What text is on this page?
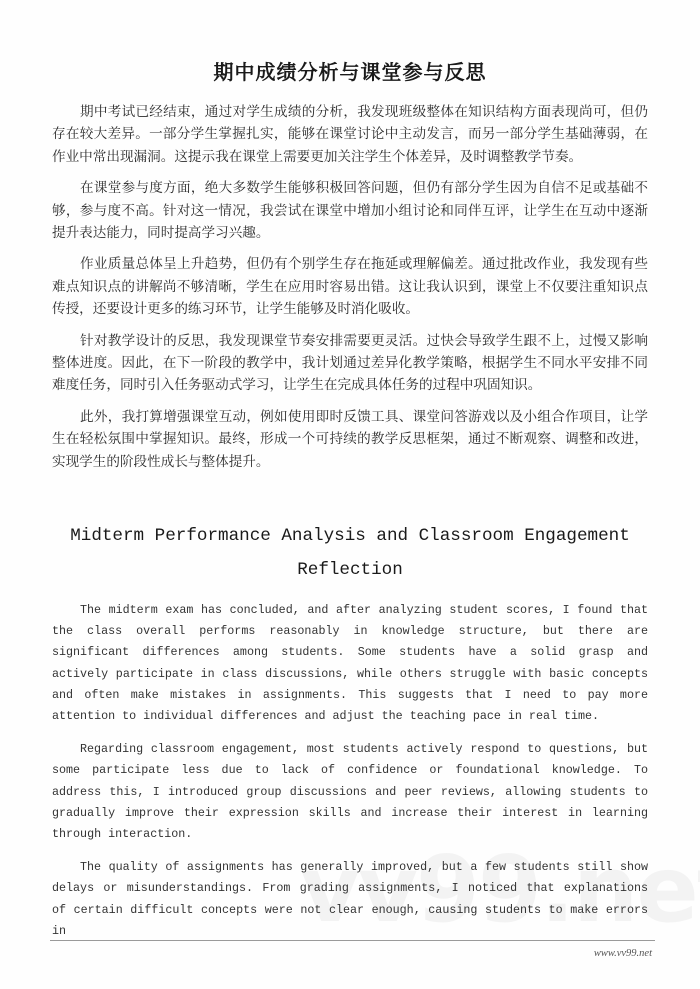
期中成绩分析与课堂参与反思

期中考试已经结束，通过对学生成绩的分析，我发现班级整体在知识结构方面表现尚可，但仍存在较大差异。一部分学生掌握扎实，能够在课堂讨论中主动发言，而另一部分学生基础薄弱，在作业中常出现漏洞。这提示我在课堂上需要更加关注学生个体差异，及时调整教学节奏。

在课堂参与度方面，绝大多数学生能够积极回答问题，但仍有部分学生因为自信不足或基础不够，参与度不高。针对这一情况，我尝试在课堂中增加小组讨论和同伴互评，让学生在互动中逐渐提升表达能力，同时提高学习兴趣。

作业质量总体呈上升趋势，但仍有个别学生存在拖延或理解偏差。通过批改作业，我发现有些难点知识点的讲解尚不够清晰，学生在应用时容易出错。这让我认识到，课堂上不仅要注重知识点传授，还要设计更多的练习环节，让学生能够及时消化吸收。

针对教学设计的反思，我发现课堂节奏安排需要更灵活。过快会导致学生跟不上，过慢又影响整体进度。因此，在下一阶段的教学中，我计划通过差异化教学策略，根据学生不同水平安排不同难度任务，同时引入任务驱动式学习，让学生在完成具体任务的过程中巩固知识。

此外，我打算增强课堂互动，例如使用即时反馈工具、课堂问答游戏以及小组合作项目，让学生在轻松氛围中掌握知识。最终，形成一个可持续的教学反思框架，通过不断观察、调整和改进，实现学生的阶段性成长与整体提升。

Midterm Performance Analysis and Classroom Engagement Reflection

The midterm exam has concluded, and after analyzing student scores, I found that the class overall performs reasonably in knowledge structure, but there are significant differences among students. Some students have a solid grasp and actively participate in class discussions, while others struggle with basic concepts and often make mistakes in assignments. This suggests that I need to pay more attention to individual differences and adjust the teaching pace in real time.

Regarding classroom engagement, most students actively respond to questions, but some participate less due to lack of confidence or foundational knowledge. To address this, I introduced group discussions and peer reviews, allowing students to gradually improve their expression skills and increase their interest in learning through interaction.

The quality of assignments has generally improved, but a few students still show delays or misunderstandings. From grading assignments, I noticed that explanations of certain difficult concepts were not clear enough, causing students to make errors in

www.vv99.net
